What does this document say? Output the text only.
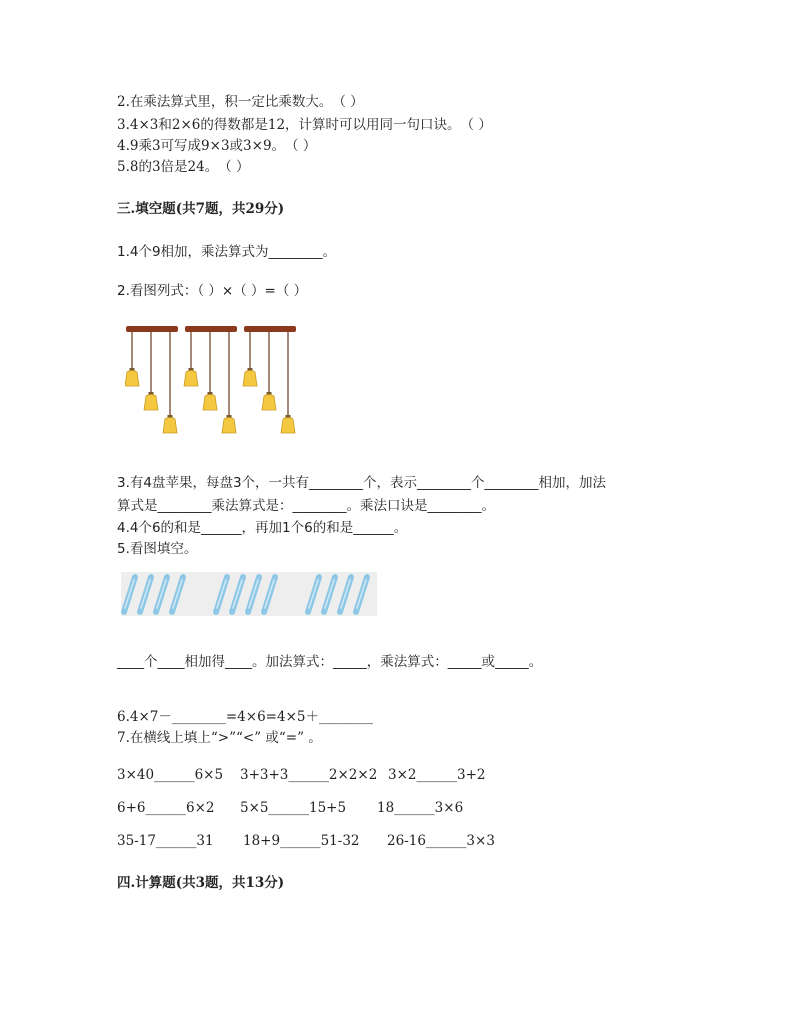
2.在乘法算式里，积一定比乘数大。　（ ）
3.4×3和2×6的得数都是12，计算时可以用同一句口诀。　（ ）
4.9乘3可写成9×3或3×9。　（ ）
5.8的3倍是24。　（ ）
三.填空题(共7题，共29分)
1.4个9相加，乘法算式为________。
2.看图列式：（ ）×（ ）=（ ）
3.有4盘苹果，每盘3个，一共有________个，表示________个________相加，加法
算式是________乘法算式是：________。乘法口诀是________。
4.4个6的和是______，再加1个6的和是______。
5.看图填空。
____个____相加得____。加法算式：_____，乘法算式：_____或_____。
6.4×7－________=4×6=4×5＋________
7.在横线上填上“>”“<” 或“=” 。
3×40______6×5 3+3+3______2×2×2 3×2______3+2
6+6______6×2 5×5______15+5 18______3×6
35-17______31 18+9______51-32 26-16______3×3
四.计算题(共3题，共13分)
